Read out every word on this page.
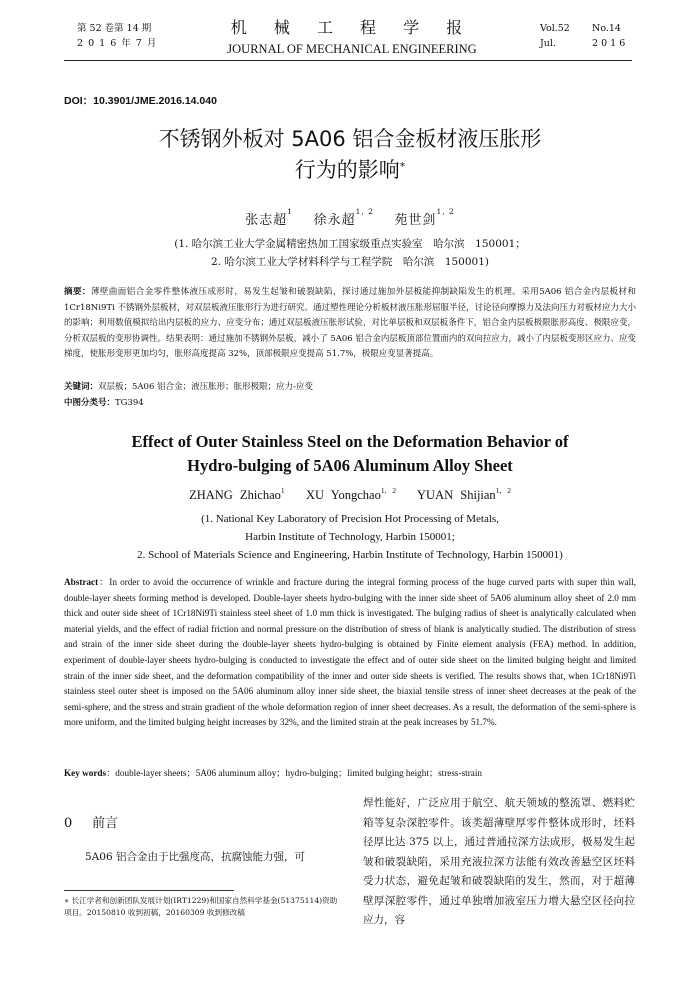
第 52 卷第 14 期
2 0 1 6 年 7 月
机 械 工 程 学 报
JOURNAL OF MECHANICAL ENGINEERING
Vol.52 No.14
Jul.	2 0 1 6
DOI：10.3901/JME.2016.14.040
不锈钢外板对 5A06 铝合金板材液压胀形
行为的影响*
张志超$^1$    徐永超$^{1, 2}$    苑世剑$^{1, 2}$
(1. 哈尔滨工业大学金属精密热加工国家级重点实验室　哈尔滨　150001；
2. 哈尔滨工业大学材料科学与工程学院　哈尔滨　150001)
摘要：薄壁曲面铝合金零件整体液压成形时，易发生起皱和破裂缺陷，探讨通过施加外层板能抑制缺陷发生的机理。采用5A06 铝合金内层板材和 1Cr18Ni9Ti 不锈钢外层板材，对双层板液压胀形行为进行研究。通过塑性理论分析板材液压胀形屈服半径，讨论径向摩擦力及法向压力对板材应力大小的影响；利用数值模拟给出内层板的应力、应变分布；通过双层板液压胀形试验，对比单层板和双层板条件下，铝合金内层板极限胀形高度、极限应变，分析双层板的变形协调性。结果表明：通过施加不锈钢外层板，减小了 5A06 铝合金内层板顶部位置面内的双向拉应力，减小了内层板变形区应力、应变梯度，使胀形变形更加均匀，胀形高度提高 32%，顶部极限应变提高 51.7%，极限应变显著提高。
关键词：双层板；5A06 铝合金；液压胀形；胀形极限；应力-应变
中图分类号：TG394
Effect of Outer Stainless Steel on the Deformation Behavior of
Hydro-bulging of 5A06 Aluminum Alloy Sheet
ZHANG Zhichao$^1$ XU Yongchao$^{1, 2}$ YUAN Shijian$^{1, 2}$
(1. National Key Laboratory of Precision Hot Processing of Metals,
Harbin Institute of Technology, Harbin 150001;
2. School of Materials Science and Engineering, Harbin Institute of Technology, Harbin 150001)
Abstract：In order to avoid the occurrence of wrinkle and fracture during the integral forming process of the huge curved parts with super thin wall, double-layer sheets forming method is developed. Double-layer sheets hydro-bulging with the inner side sheet of 5A06 aluminum alloy sheet of 2.0 mm thick and outer side sheet of 1Cr18Ni9Ti stainless steel sheet of 1.0 mm thick is investigated. The bulging radius of sheet is analytically calculated when material yields, and the effect of radial friction and normal pressure on the distribution of stress of blank is analytically studied. The distribution of stress and strain of the inner side sheet during the double-layer sheets hydro-bulging is obtained by Finite element analysis (FEA) method. In addition, experiment of double-layer sheets hydro-bulging is conducted to investigate the effect and of outer side sheet on the limited bulging height and limited strain of the inner side sheet, and the deformation compatibility of the inner and outer side sheets is verified. The results shows that, when 1Cr18Ni9Ti stainless steel outer sheet is imposed on the 5A06 aluminum alloy inner side sheet, the biaxial tensile stress of inner sheet decreases at the peak of the semi-sphere, and the stress and strain gradient of the whole deformation region of inner sheet decreases. As a result, the deformation of the semi-sphere is more uniform, and the limited bulging height increases by 32%, and the limited strain at the peak increases by 51.7%.
Key words：double-layer sheets；5A06 aluminum alloy；hydro-bulging；limited bulging height；stress-strain
0 前言
5A06 铝合金由于比强度高，抗腐蚀能力强，可
∗ 长江学者和创新团队发展计划(IRT1229)和国家自然科学基金(51375114)资助项目。20150810 收到初稿，20160309 收到修改稿
焊性能好，广泛应用于航空、航天领域的整流罩、燃料贮箱等复杂深腔零件。该类超薄壁厚零件整体成形时，坯料径厚比达 375 以上，通过普通拉深方法成形，极易发生起皱和破裂缺陷，采用充液拉深方法能有效改善悬空区坯料受力状态，避免起皱和破裂缺陷的发生，然而，对于超薄壁厚深腔零件，通过单独增加液室压力增大悬空区径向拉应力，容
